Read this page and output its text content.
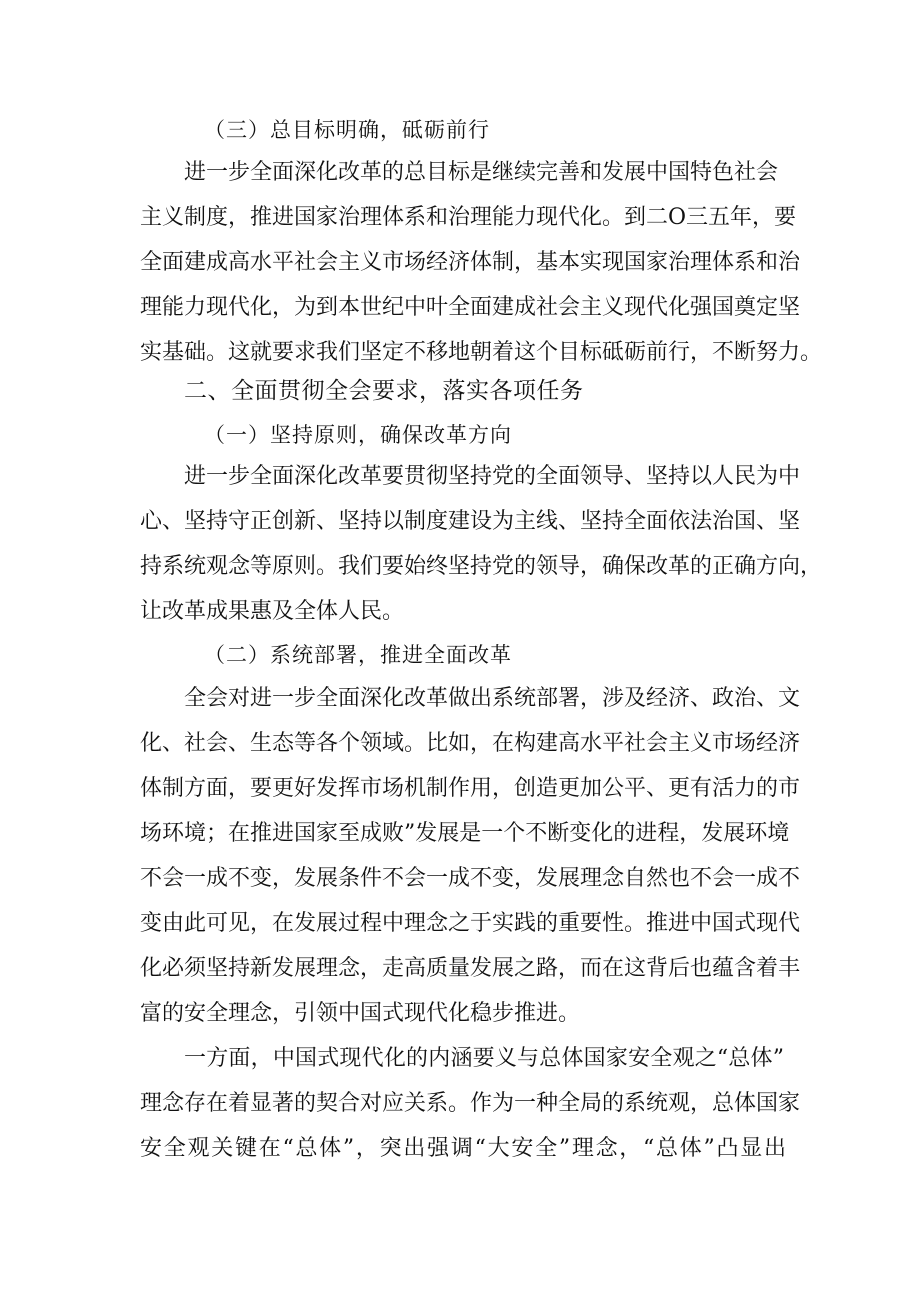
（三）总目标明确，砥砺前行
进一步全面深化改革的总目标是继续完善和发展中国特色社会
主义制度，推进国家治理体系和治理能力现代化。到二O三五年，要
全面建成高水平社会主义市场经济体制，基本实现国家治理体系和治
理能力现代化，为到本世纪中叶全面建成社会主义现代化强国奠定坚
实基础。这就要求我们坚定不移地朝着这个目标砥砺前行，不断努力。
二、全面贯彻全会要求，落实各项任务
（一）坚持原则，确保改革方向
进一步全面深化改革要贯彻坚持党的全面领导、坚持以人民为中
心、坚持守正创新、坚持以制度建设为主线、坚持全面依法治国、坚
持系统观念等原则。我们要始终坚持党的领导，确保改革的正确方向，
让改革成果惠及全体人民。
（二）系统部署，推进全面改革
全会对进一步全面深化改革做出系统部署，涉及经济、政治、文
化、社会、生态等各个领域。比如，在构建高水平社会主义市场经济
体制方面，要更好发挥市场机制作用，创造更加公平、更有活力的市
场环境；在推进国家至成败”发展是一个不断变化的进程，发展环境
不会一成不变，发展条件不会一成不变，发展理念自然也不会一成不
变由此可见，在发展过程中理念之于实践的重要性。推进中国式现代
化必须坚持新发展理念，走高质量发展之路，而在这背后也蕴含着丰
富的安全理念，引领中国式现代化稳步推进。
一方面，中国式现代化的内涵要义与总体国家安全观之“总体”
理念存在着显著的契合对应关系。作为一种全局的系统观，总体国家
安全观关键在“总体”，突出强调“大安全”理念，“总体”凸显出
